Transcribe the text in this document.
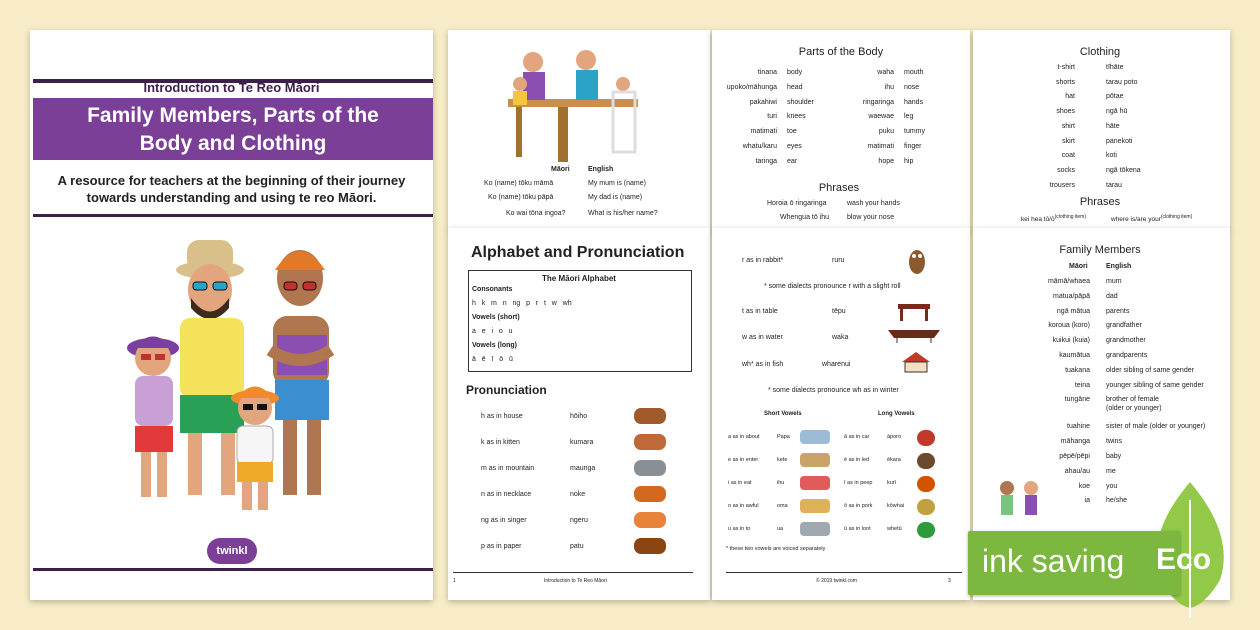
Introduction to Te Reo Māori
Family Members, Parts of the
Body and Clothing
A resource for teachers at the beginning of their journey
towards understanding and using te reo Māori.
twinkl
Māori	English
Ko (name) tōku māmā	My mum is (name)
Ko (name) tōku pāpā	My dad is (name)
Ko wai tōna ingoa?	What is his/her name?
Parts of the Body
tinana body
upoko/māhunga head
pakahiwi shoulder
turi knees
matimati toe
whatu/karu eyes
taringa ear
waha mouth
ihu nose
ringaringa hands
waewae leg
puku tummy
matimati finger
hope hip
Phrases
Horoia ō ringaringa	wash your hands
Whengua tō ihu	blow your nose
Clothing
t-shirt	tīhāte
shorts	tarau poto
hat	pōtae
shoes	ngā hū
shirt	hāte
skirt	panekoti
coat	koti
socks	ngā tōkena
trousers	tarau
Phrases
kei hea $tō/ō^{(clothing item)}$	where is/are your$^{(clothing item)}$
Alphabet and Pronunciation
The Māori Alphabet
Consonants
h   k   m   n   ng   p   r   t   w   wh
Vowels (short)
a   e   i   o   u
Vowels (long)
ā   ē   ī   ō   ū
Pronunciation
h as in house	hōiho
k as in kitten	kumara
m as in mountain	maunga
n as in necklace	noke
ng as in singer	ngeru
p as in paper	patu
1	Introduction to Te Reo Māori
r as in rabbit*	ruru
* some dialects pronounce r with a slight roll
t as in table	tēpu
w as in water	waka
wh* as in fish	wharenui
* some dialects pronounce wh as in winter
Short Vowels	Long Vowels
a as in about	Papa	ā as in car	āporo
e as in enter	kete	ē as in led	ēkara
i as in eat	ihu	ī as in peep	kurī
o as in awful	oma	ō as in pork	kōwhai
u as in to	ua	ū as in loot	whetū
* these two vowels are voiced separately
© 2019 twinkl.com	3
Family Members
Māori	English
māmā/whaea mum
matua/pāpā dad
ngā mātua parents
koroua (koro) grandfather
kuikui (kuia) grandmother
kaumātua grandparents
tuakana older sibling of same gender
teina younger sibling of same gender
tungāne brother of female
(older or younger)
tuahine sister of male (older or younger)
māhanga twins
pēpē/pēpi baby
ahau/au me
koe you
ia he/she
ink saving Eco
